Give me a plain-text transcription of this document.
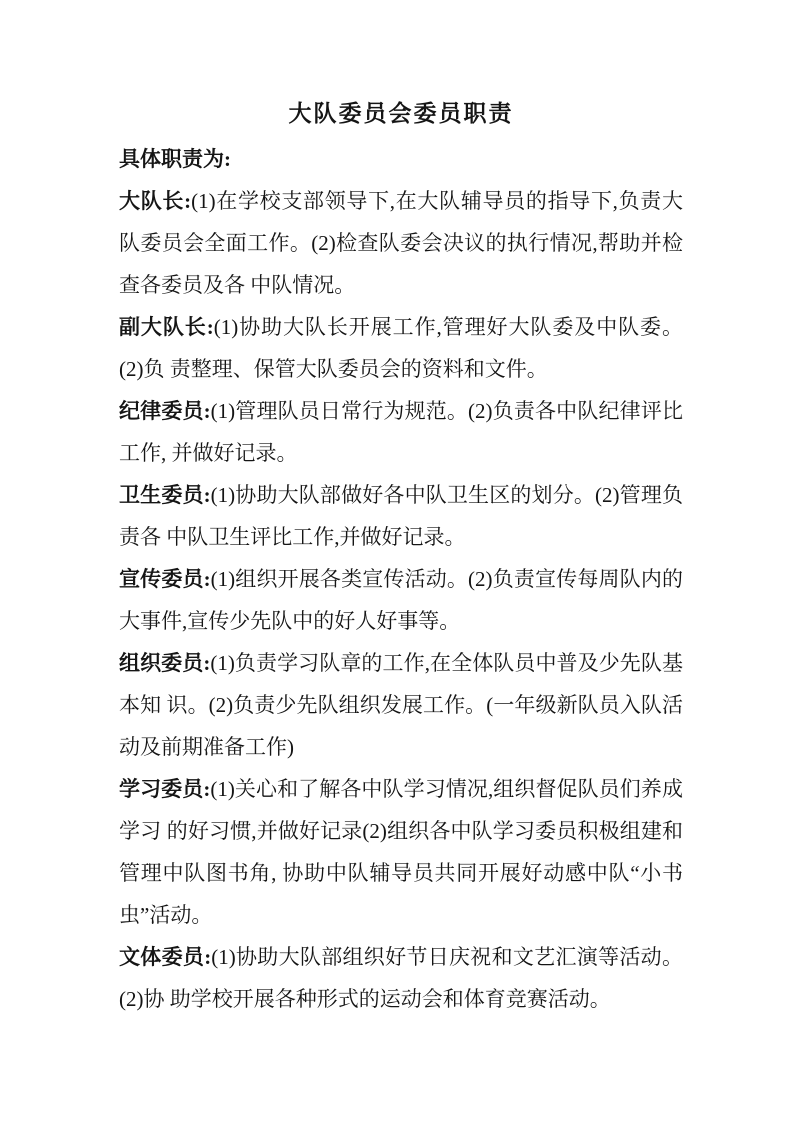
大队委员会委员职责

具体职责为:

大队长:(1)在学校支部领导下,在大队辅导员的指导下,负责大队委员会全面工作。(2)检查队委会决议的执行情况,帮助并检查各委员及各 中队情况。

副大队长:(1)协助大队长开展工作,管理好大队委及中队委。(2)负 责整理、保管大队委员会的资料和文件。

纪律委员:(1)管理队员日常行为规范。(2)负责各中队纪律评比工作, 并做好记录。

卫生委员:(1)协助大队部做好各中队卫生区的划分。(2)管理负责各 中队卫生评比工作,并做好记录。

宣传委员:(1)组织开展各类宣传活动。(2)负责宣传每周队内的大事件,宣传少先队中的好人好事等。

组织委员:(1)负责学习队章的工作,在全体队员中普及少先队基本知 识。(2)负责少先队组织发展工作。(一年级新队员入队活动及前期准备工作)

学习委员:(1)关心和了解各中队学习情况,组织督促队员们养成学习 的好习惯,并做好记录(2)组织各中队学习委员积极组建和管理中队图书角, 协助中队辅导员共同开展好动感中队“小书虫”活动。

文体委员:(1)协助大队部组织好节日庆祝和文艺汇演等活动。(2)协 助学校开展各种形式的运动会和体育竞赛活动。
